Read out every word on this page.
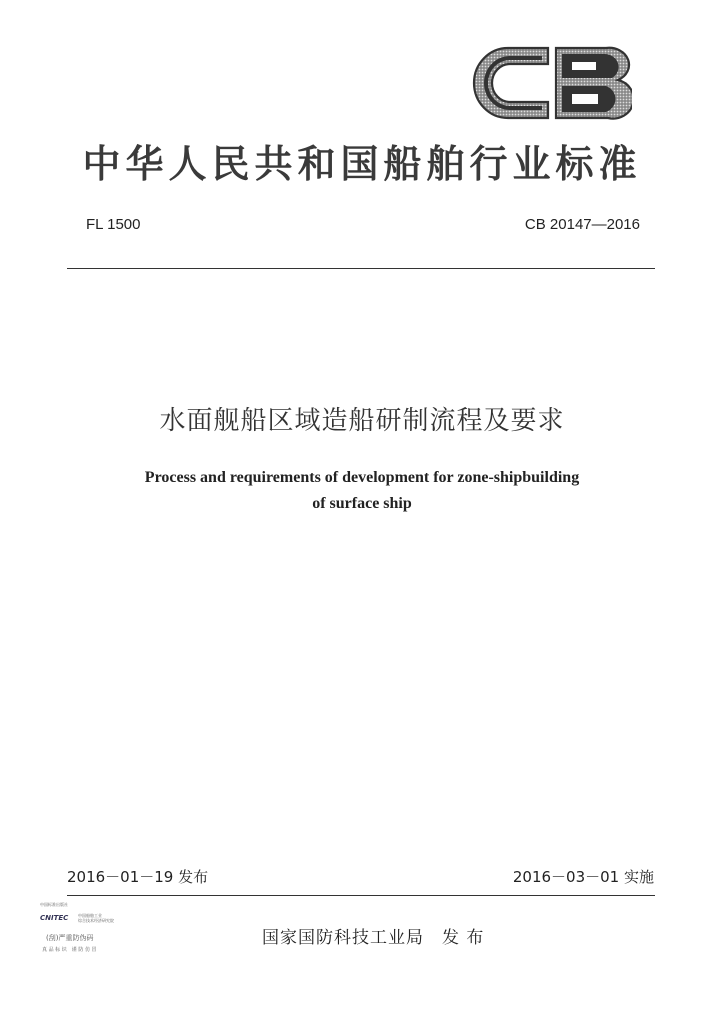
中华人民共和国船舶行业标准
FL 1500	CB 20147—2016
水面舰船区域造船研制流程及要求
Process and requirements of development for zone-shipbuilding
of surface ship
2016－01－19 发布	2016－03－01 实施
中国标准出版社
CNITEC 中国船舶工业
综合技术经济研究院
(刮)严重防伪码
真 品 标 识　谨 防 仿 冒
国家国防科技工业局　发 布
